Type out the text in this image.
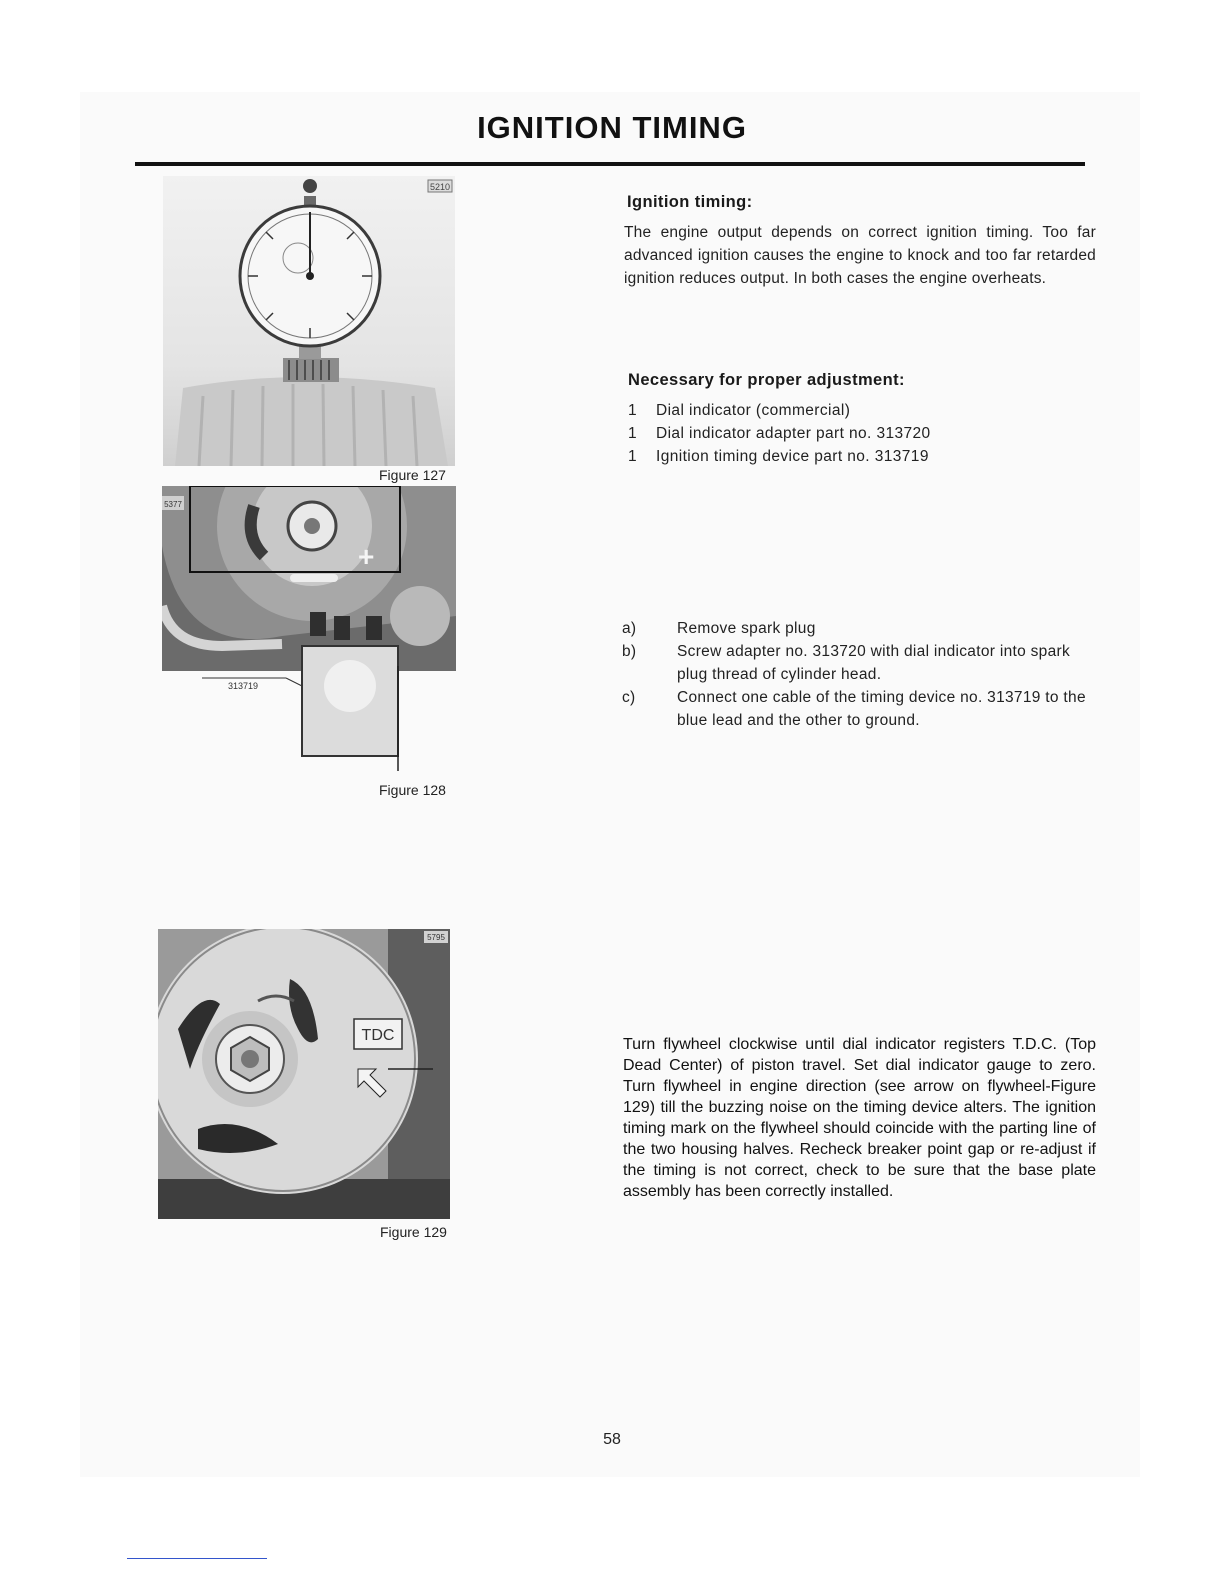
IGNITION TIMING
5210
Figure 127
+
5377
313719
Figure 128
TDC
5795
Figure 129
Ignition timing:
The engine output depends on correct ignition timing. Too far advanced ignition causes the engine to knock and too far retarded ignition reduces output. In both cases the engine overheats.
Necessary for proper adjustment:
1 Dial indicator (commercial)
1 Dial indicator adapter part no. 313720
1 Ignition timing device part no. 313719
a)	Remove spark plug
b)	Screw adapter no. 313720 with dial indicator into spark plug thread of cylinder head.
c)	Connect one cable of the timing device no. 313719 to the blue lead and the other to ground.
Turn flywheel clockwise until dial indicator registers T.D.C. (Top Dead Center) of piston travel. Set dial indicator gauge to zero. Turn flywheel in engine direction (see arrow on flywheel-Figure 129) till the buzzing noise on the timing device alters. The ignition timing mark on the flywheel should coincide with the parting line of the two housing halves. Recheck breaker point gap or re-adjust if the timing is not correct, check to be sure that the base plate assembly has been correctly installed.
58
